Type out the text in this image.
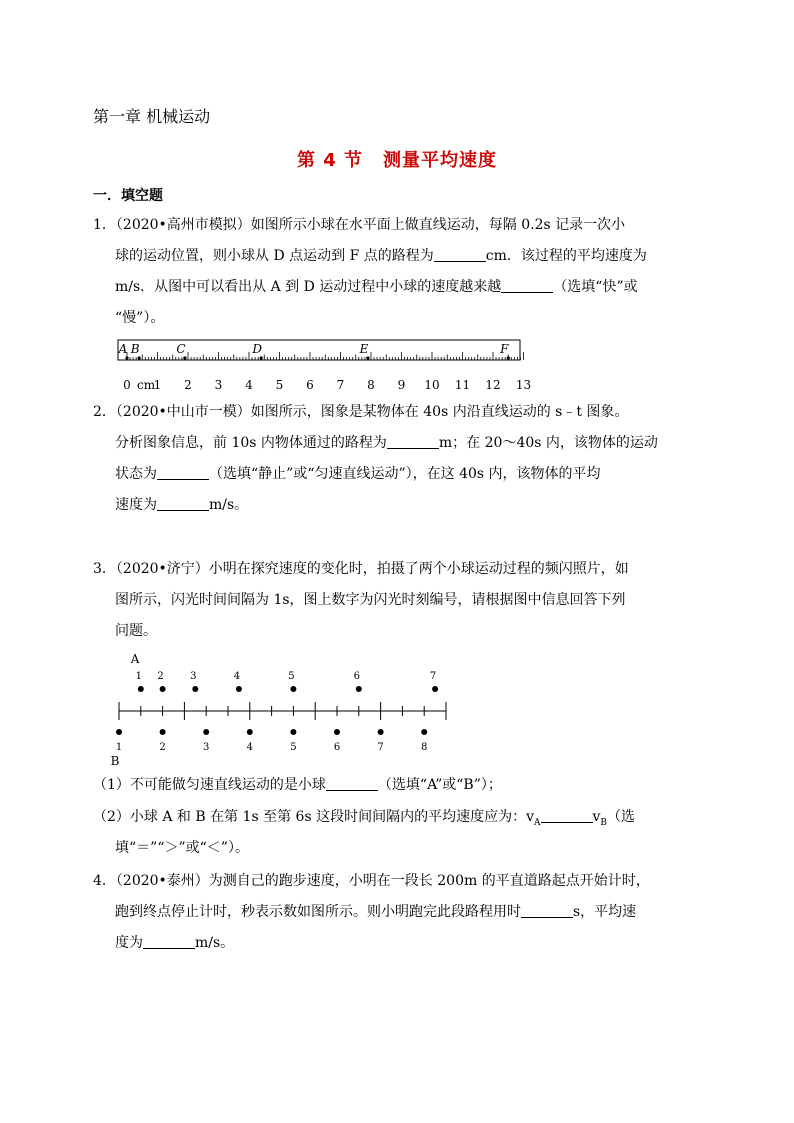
第一章 机械运动
第 4 节 测量平均速度
一．填空题
1．（2020•高州市模拟）如图所示小球在水平面上做直线运动，每隔 0.2s 记录一次小
球的运动位置，则小球从 D 点运动到 F 点的路程为	cm．该过程的平均速度为
m/s．从图中可以看出从 A 到 D 运动过程中小球的速度越来越	（选填“快”或
“慢”）。
0 1 2 3 4 5 6 7 8 9 10 11 12 13
cm
A B	C	D	E	F
2．（2020•中山市一模）如图所示，图象是某物体在 40s 内沿直线运动的 s﹣t 图象。
分析图象信息，前 10s 内物体通过的路程为	m；在 20～40s 内，该物体的运动
状态为	（选填“静止”或“匀速直线运动”），在这 40s 内，该物体的平均
速度为	m/s。
3．（2020•济宁）小明在探究速度的变化时，拍摄了两个小球运动过程的频闪照片，如
图所示，闪光时间间隔为 1s，图上数字为闪光时刻编号，请根据图中信息回答下列
问题。
A
1 2	3	4	5	6	7
1	2	3	4	5	6	7	8
B
（1）不可能做匀速直线运动的是小球	（选填“A”或“B”）；
（2）小球 A 和 B 在第 1s 至第 6s 这段时间间隔内的平均速度应为：$v_A$	$v_B$（选
填“＝”“＞”或“＜”）。
4．（2020•泰州）为测自己的跑步速度，小明在一段长 200m 的平直道路起点开始计时，
跑到终点停止计时，秒表示数如图所示。则小明跑完此段路程用时	s，平均速
度为	m/s。
